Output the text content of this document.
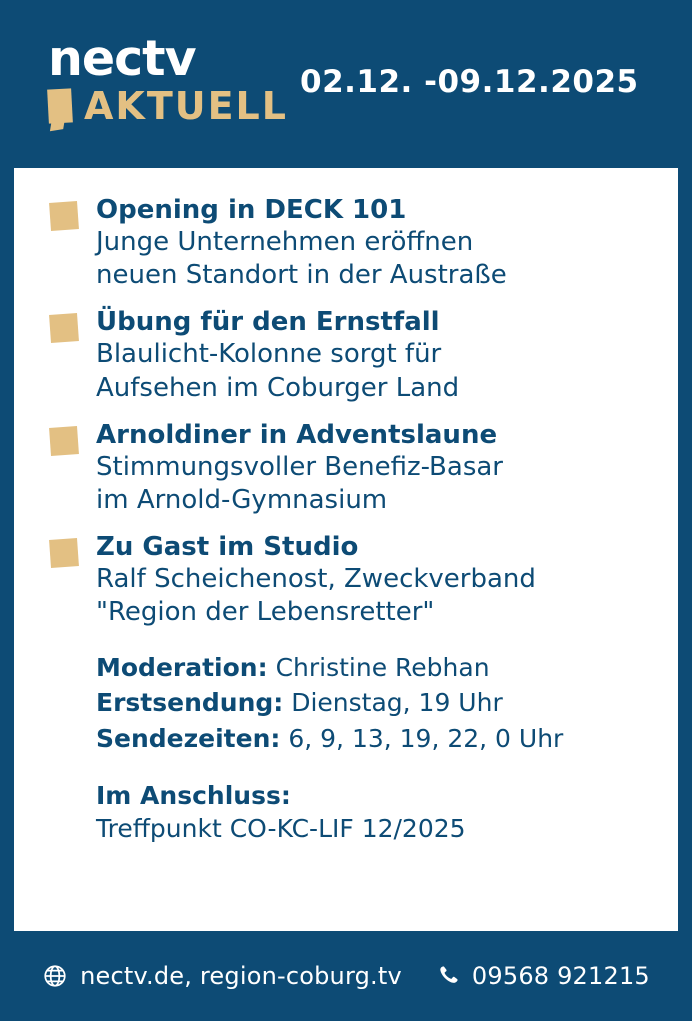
nectv
AKTUELL
02.12. -09.12.2025
Opening in DECK 101
Junge Unternehmen eröffnen
neuen Standort in der Austraße
Übung für den Ernstfall
Blaulicht-Kolonne sorgt für
Aufsehen im Coburger Land
Arnoldiner in Adventslaune
Stimmungsvoller Benefiz-Basar
im Arnold-Gymnasium
Zu Gast im Studio
Ralf Scheichenost, Zweckverband
"Region der Lebensretter"
Moderation: Christine Rebhan
Erstsendung: Dienstag, 19 Uhr
Sendezeiten: 6, 9, 13, 19, 22, 0 Uhr
Im Anschluss:
Treffpunkt CO-KC-LIF 12/2025
nectv.de, region-coburg.tv	09568 921215
